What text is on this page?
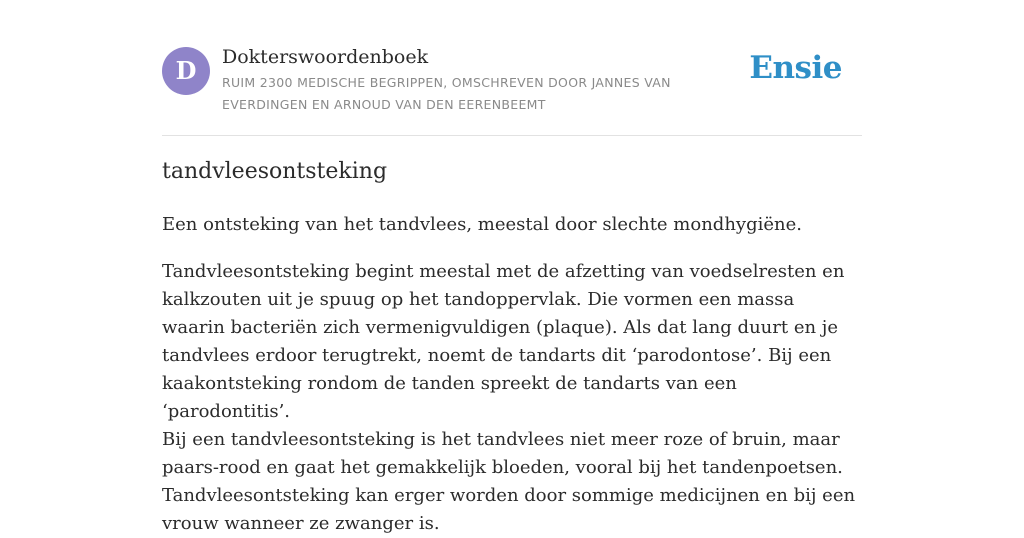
D	Dokterswoordenboek
RUIM 2300 MEDISCHE BEGRIPPEN, OMSCHREVEN DOOR JANNES VAN EVERDINGEN EN ARNOUD VAN DEN EERENBEEMT
Ensie
tandvleesontsteking

Een ontsteking van het tandvlees, meestal door slechte mondhygiëne.

Tandvleesontsteking begint meestal met de afzetting van voedselresten en kalkzouten uit je spuug op het tandoppervlak. Die vormen een massa waarin bacteriën zich vermenigvuldigen (plaque). Als dat lang duurt en je tandvlees erdoor terugtrekt, noemt de tandarts dit ‘parodontose’. Bij een kaakontsteking rondom de tanden spreekt de tandarts van een ‘parodontitis’.

Bij een tandvleesontsteking is het tandvlees niet meer roze of bruin, maar paars-rood en gaat het gemakkelijk bloeden, vooral bij het tandenpoetsen.

Tandvleesontsteking kan erger worden door sommige medicijnen en bij een vrouw wanneer ze zwanger is.
